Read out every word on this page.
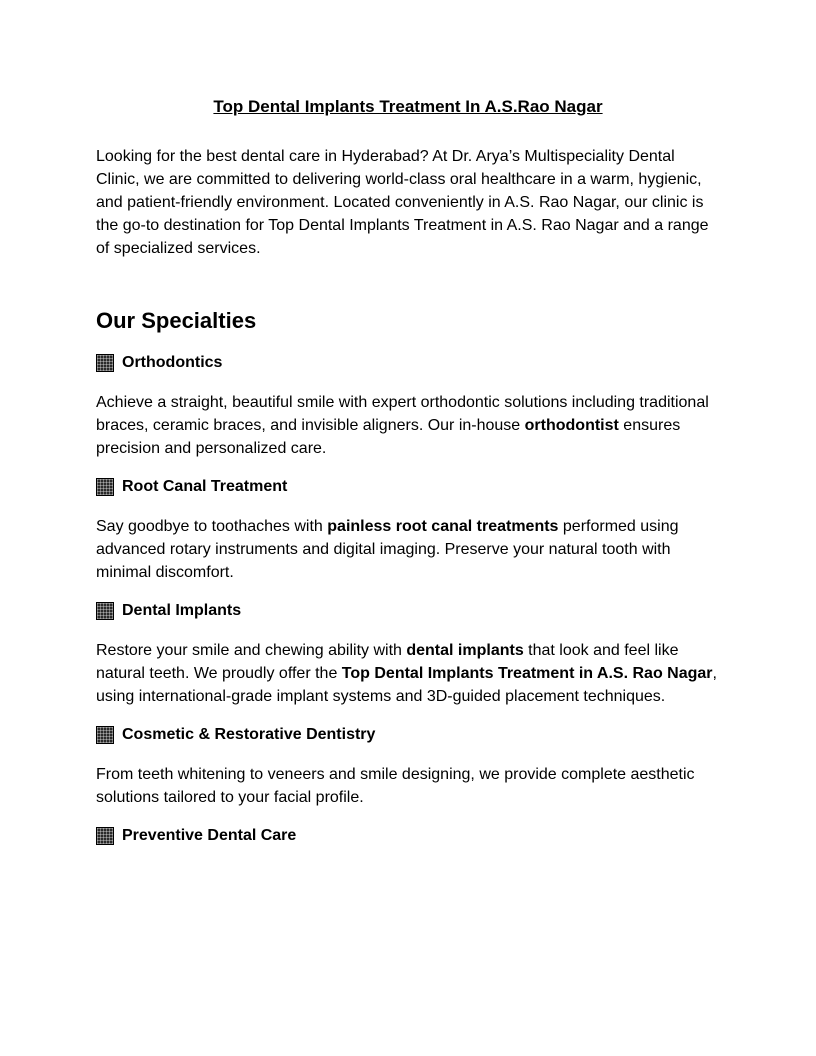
Top Dental Implants Treatment In A.S.Rao Nagar

Looking for the best dental care in Hyderabad? At Dr. Arya’s Multispeciality Dental Clinic, we are committed to delivering world-class oral healthcare in a warm, hygienic, and patient-friendly environment. Located conveniently in A.S. Rao Nagar, our clinic is the go-to destination for Top Dental Implants Treatment in A.S. Rao Nagar and a range of specialized services.

Our Specialties
Orthodontics

Achieve a straight, beautiful smile with expert orthodontic solutions including traditional braces, ceramic braces, and invisible aligners. Our in-house orthodontist ensures precision and personalized care.

Root Canal Treatment

Say goodbye to toothaches with painless root canal treatments performed using advanced rotary instruments and digital imaging. Preserve your natural tooth with minimal discomfort.

Dental Implants

Restore your smile and chewing ability with dental implants that look and feel like natural teeth. We proudly offer the Top Dental Implants Treatment in A.S. Rao Nagar, using international-grade implant systems and 3D-guided placement techniques.

Cosmetic & Restorative Dentistry

From teeth whitening to veneers and smile designing, we provide complete aesthetic solutions tailored to your facial profile.

Preventive Dental Care
